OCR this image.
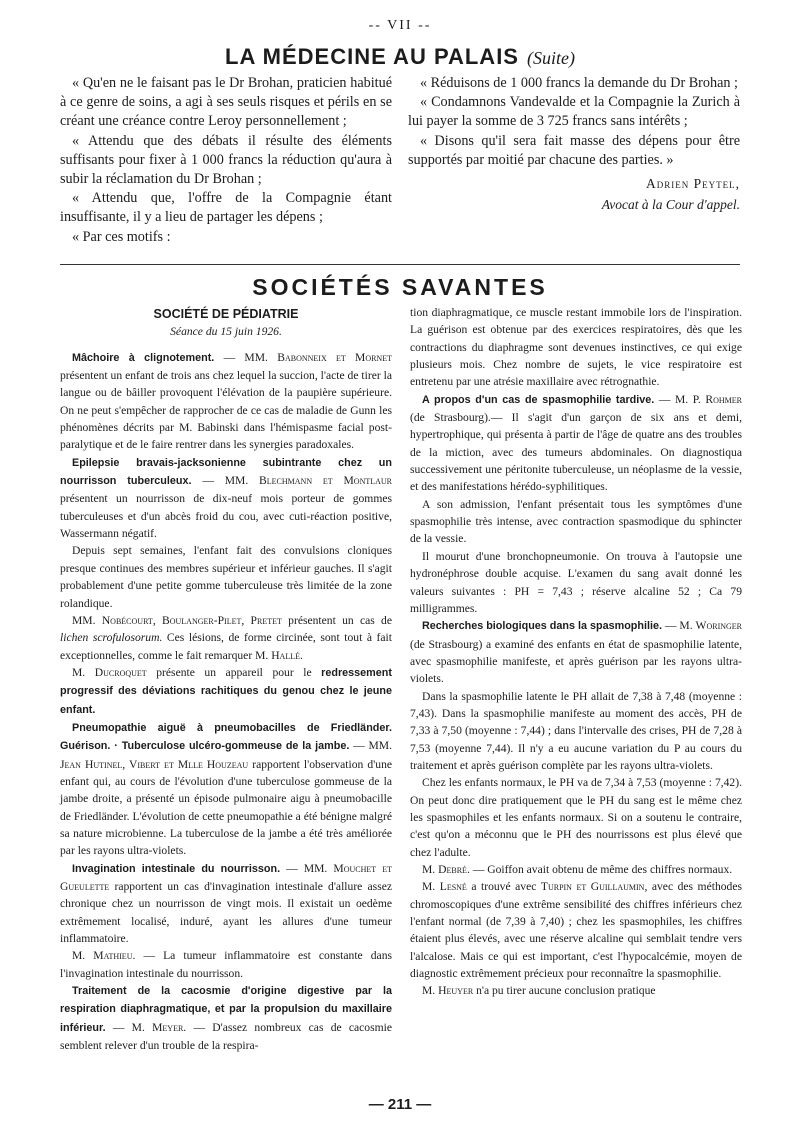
-- VII --
LA MÉDECINE AU PALAIS (Suite)

« Qu'en ne le faisant pas le Dr Brohan, praticien habitué à ce genre de soins, a agi à ses seuls risques et périls en se créant une créance contre Leroy personnellement ;

« Attendu que des débats il résulte des éléments suffisants pour fixer à 1 000 francs la réduction qu'aura à subir la réclamation du Dr Brohan ;

« Attendu que, l'offre de la Compagnie étant insuffisante, il y a lieu de partager les dépens ;

« Par ces motifs :

« Réduisons de 1 000 francs la demande du Dr Brohan ;

« Condamnons Vandevalde et la Compagnie la Zurich à lui payer la somme de 3 725 francs sans intérêts ;

« Disons qu'il sera fait masse des dépens pour être supportés par moitié par chacune des parties. »

Adrien Peytel,
Avocat à la Cour d'appel.
SOCIÉTÉS SAVANTES
SOCIÉTÉ DE PÉDIATRIE
Séance du 15 juin 1926.

Mâchoire à clignotement. — MM. Babonneix et Mornet présentent un enfant de trois ans chez lequel la succion, l'acte de tirer la langue ou de bâiller provoquent l'élévation de la paupière supérieure. On ne peut s'empêcher de rapprocher de ce cas de maladie de Gunn les phénomènes décrits par M. Babinski dans l'hémispasme facial post-paralytique et de le faire rentrer dans les synergies paradoxales.

Epilepsie bravais-jacksonienne subintrante chez un nourrisson tuberculeux. — MM. Blechmann et Montlaur présentent un nourrisson de dix-neuf mois porteur de gommes tuberculeuses et d'un abcès froid du cou, avec cuti-réaction positive, Wassermann négatif.

Depuis sept semaines, l'enfant fait des convulsions cloniques presque continues des membres supérieur et inférieur gauches. Il s'agit probablement d'une petite gomme tuberculeuse très limitée de la zone rolandique.

MM. Nobécourt, Boulanger-Pilet, Pretet présentent un cas de lichen scrofulosorum. Ces lésions, de forme circinée, sont tout à fait exceptionnelles, comme le fait remarquer M. Hallé.

M. Ducroquet présente un appareil pour le redressement progressif des déviations rachitiques du genou chez le jeune enfant.

Pneumopathie aiguë à pneumobacilles de Friedländer. Guérison. · Tuberculose ulcéro-gommeuse de la jambe. — MM. Jean Hutinel, Vibert et Mlle Houzeau rapportent l'observation d'une enfant qui, au cours de l'évolution d'une tuberculose gommeuse de la jambe droite, a présenté un épisode pulmonaire aigu à pneumobacille de Friedländer. L'évolution de cette pneumopathie a été bénigne malgré sa nature microbienne. La tuberculose de la jambe a été très améliorée par les rayons ultra-violets.

Invagination intestinale du nourrisson. — MM. Mouchet et Gueulette rapportent un cas d'invagination intestinale d'allure assez chronique chez un nourrisson de vingt mois. Il existait un oedème extrêmement localisé, induré, ayant les allures d'une tumeur inflammatoire.

M. Mathieu. — La tumeur inflammatoire est constante dans l'invagination intestinale du nourrisson.

Traitement de la cacosmie d'origine digestive par la respiration diaphragmatique, et par la propulsion du maxillaire inférieur. — M. Meyer. — D'assez nombreux cas de cacosmie semblent relever d'un trouble de la respira-

tion diaphragmatique, ce muscle restant immobile lors de l'inspiration. La guérison est obtenue par des exercices respiratoires, dès que les contractions du diaphragme sont devenues instinctives, ce qui exige plusieurs mois. Chez nombre de sujets, le vice respiratoire est entretenu par une atrésie maxillaire avec rétrognathie.

A propos d'un cas de spasmophilie tardive. — M. P. Rohmer (de Strasbourg).— Il s'agit d'un garçon de six ans et demi, hypertrophique, qui présenta à partir de l'âge de quatre ans des troubles de la miction, avec des tumeurs abdominales. On diagnostiqua successivement une péritonite tuberculeuse, un néoplasme de la vessie, et des manifestations hérédo-syphilitiques.

A son admission, l'enfant présentait tous les symptômes d'une spasmophilie très intense, avec contraction spasmodique du sphincter de la vessie.

Il mourut d'une bronchopneumonie. On trouva à l'autopsie une hydronéphrose double acquise. L'examen du sang avait donné les valeurs suivantes : PH = 7,43 ; réserve alcaline 52 ; Ca 79 milligrammes.

Recherches biologiques dans la spasmophilie. — M. Woringer (de Strasbourg) a examiné des enfants en état de spasmophilie latente, avec spasmophilie manifeste, et après guérison par les rayons ultra-violets.

Dans la spasmophilie latente le PH allait de 7,38 à 7,48 (moyenne : 7,43). Dans la spasmophilie manifeste au moment des accès, PH de 7,33 à 7,50 (moyenne : 7,44) ; dans l'intervalle des crises, PH de 7,28 à 7,53 (moyenne 7,44). Il n'y a eu aucune variation du P au cours du traitement et après guérison complète par les rayons ultra-violets.

Chez les enfants normaux, le PH va de 7,34 à 7,53 (moyenne : 7,42). On peut donc dire pratiquement que le PH du sang est le même chez les spasmophiles et les enfants normaux. Si on a soutenu le contraire, c'est qu'on a méconnu que le PH des nourrissons est plus élevé que chez l'adulte.

M. Debré. — Goiffon avait obtenu de même des chiffres normaux.

M. Lesné a trouvé avec Turpin et Guillaumin, avec des méthodes chromoscopiques d'une extrême sensibilité des chiffres inférieurs chez l'enfant normal (de 7,39 à 7,40) ; chez les spasmophiles, les chiffres étaient plus élevés, avec une réserve alcaline qui semblait tendre vers l'alcalose. Mais ce qui est important, c'est l'hypocalcémie, moyen de diagnostic extrêmement précieux pour reconnaître la spasmophilie.

M. Heuyer n'a pu tirer aucune conclusion pratique

— 211 —
